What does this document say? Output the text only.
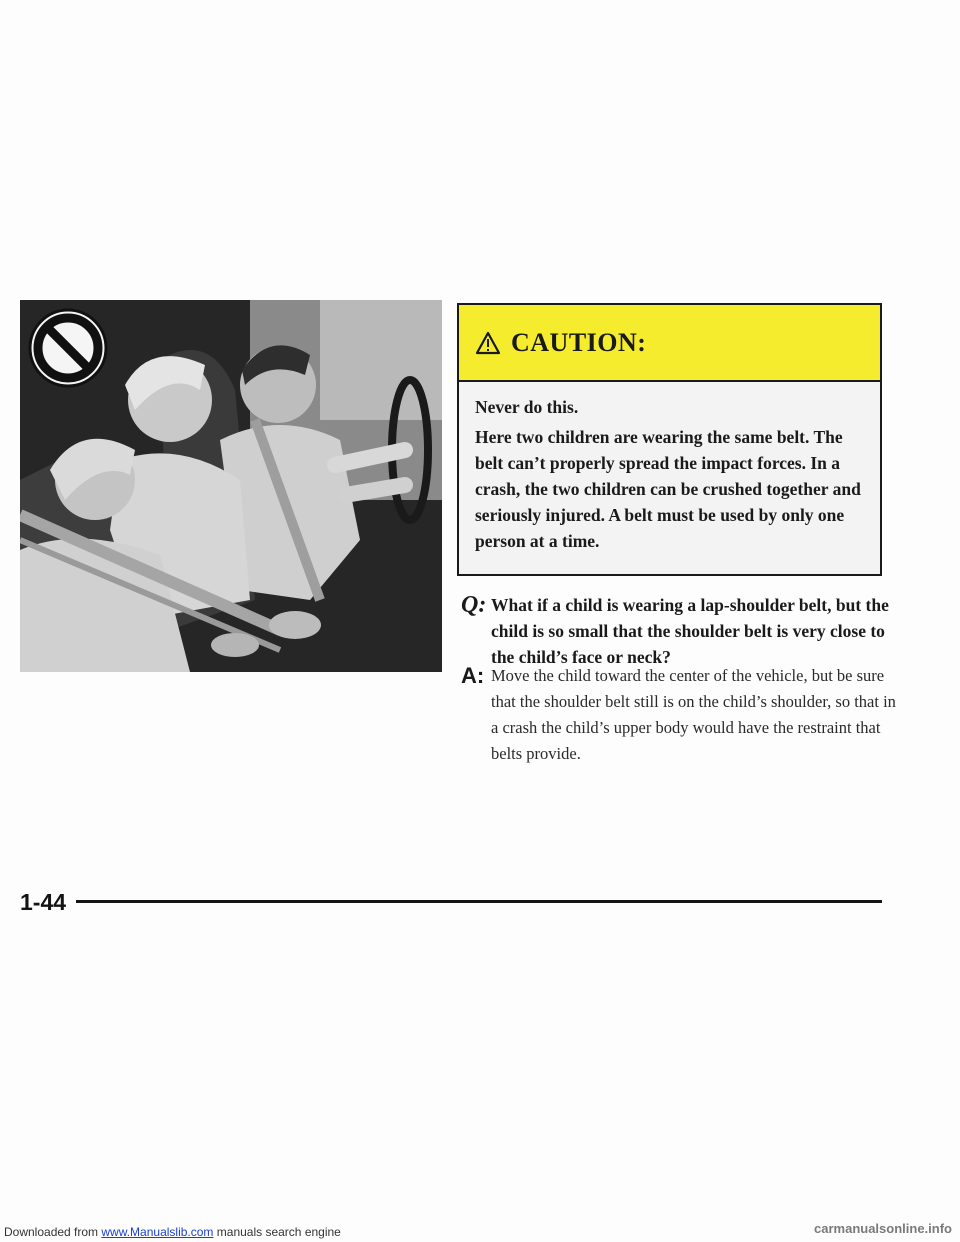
CAUTION:

Never do this.

Here two children are wearing the same belt. The belt can’t properly spread the impact forces. In a crash, the two children can be crushed together and seriously injured. A belt must be used by only one person at a time.

Q: What if a child is wearing a lap-shoulder belt, but the child is so small that the shoulder belt is very close to the child’s face or neck?
A: Move the child toward the center of the vehicle, but be sure that the shoulder belt still is on the child’s shoulder, so that in a crash the child’s upper body would have the restraint that belts provide.
1-44
Downloaded from www.Manualslib.com manuals search engine	carmanualsonline.info
